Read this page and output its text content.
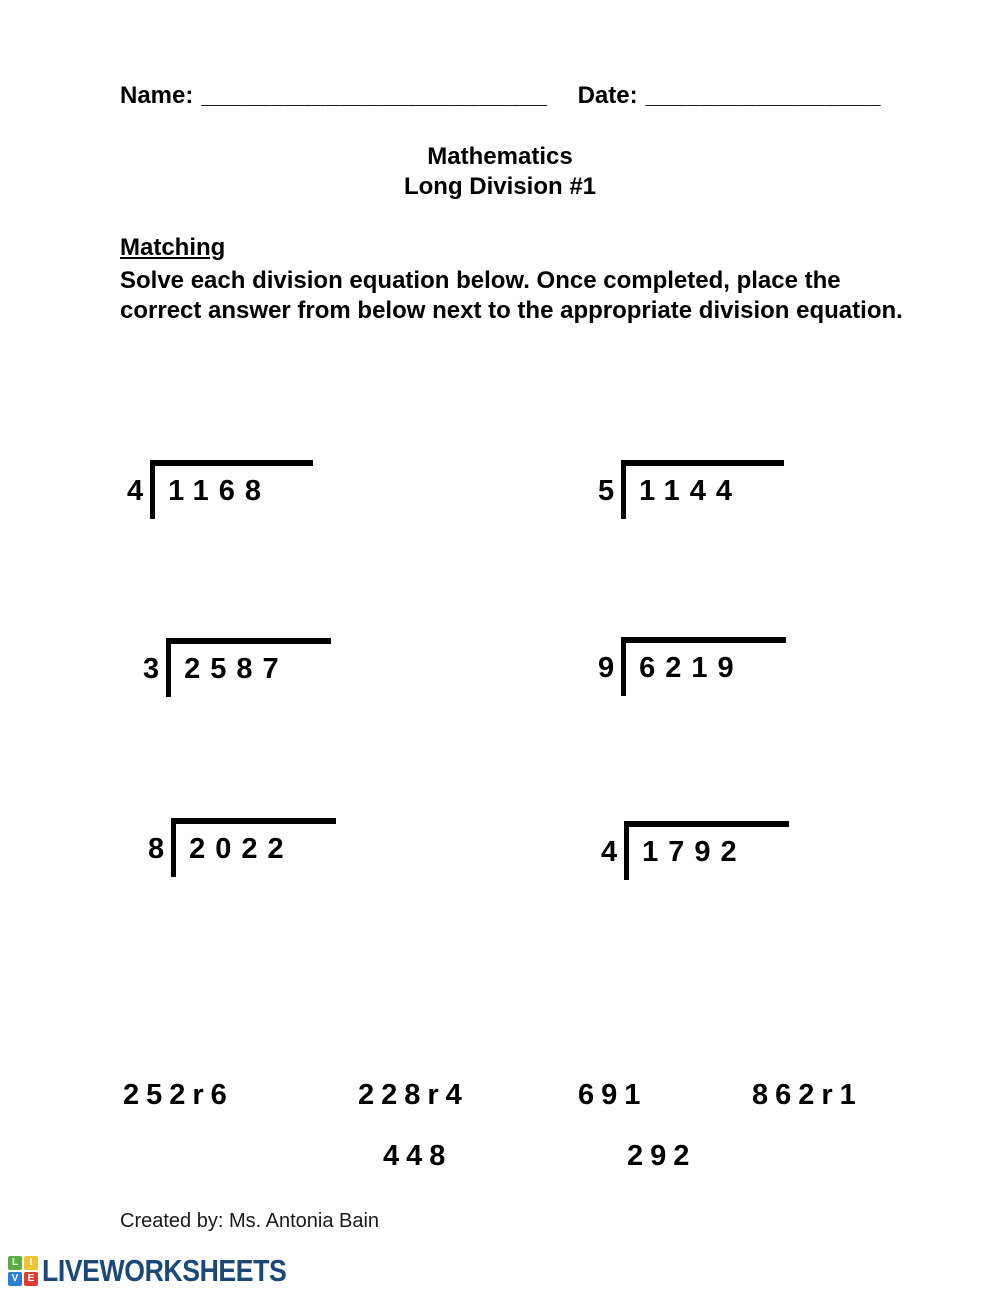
Name: _________________________ Date: _________________
Mathematics
Long Division #1
Matching
Solve each division equation below. Once completed, place the correct answer from below next to the appropriate division equation.
4 1168	5 1144
3 2587	9 6219
8 2022	4 1792
252r6	228r4	691	862r1
448	292
Created by: Ms. Antonia Bain
L	I
V E LIVEWORKSHEETS
